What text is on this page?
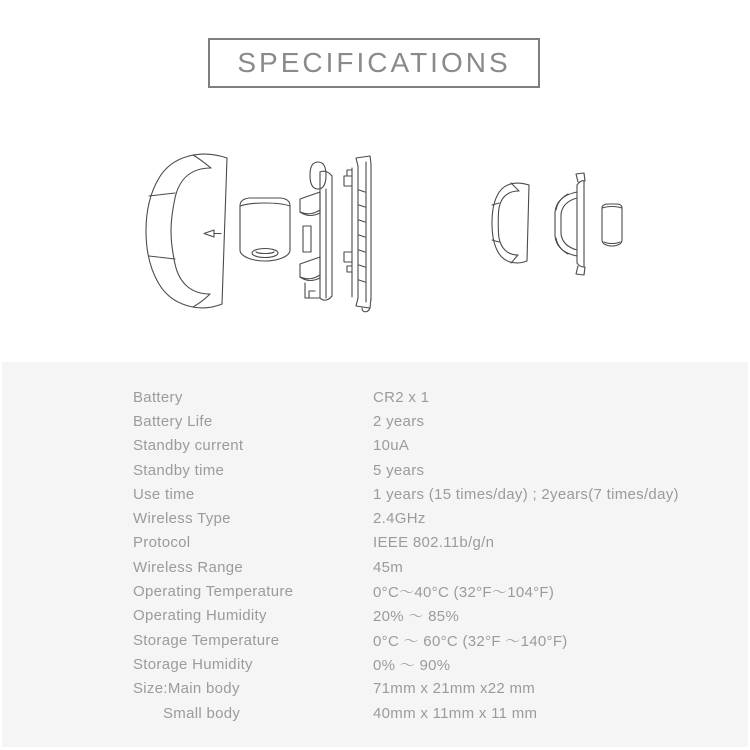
SPECIFICATIONS
Battery	CR2 x 1
Battery Life	2 years
Standby current	10uA
Standby time	5 years
Use time	1 years (15 times/day) ; 2years(7 times/day)
Wireless Type	2.4GHz
Protocol	IEEE 802.11b/g/n
Wireless Range	45m
Operating Temperature	0°C～40°C (32°F～104°F)
Operating Humidity	20% ～ 85%
Storage Temperature	0°C ～ 60°C (32°F ～140°F)
Storage Humidity	0% ～ 90%
Size:Main body	71mm x 21mm x22 mm
Small body	40mm x 11mm x 11 mm
